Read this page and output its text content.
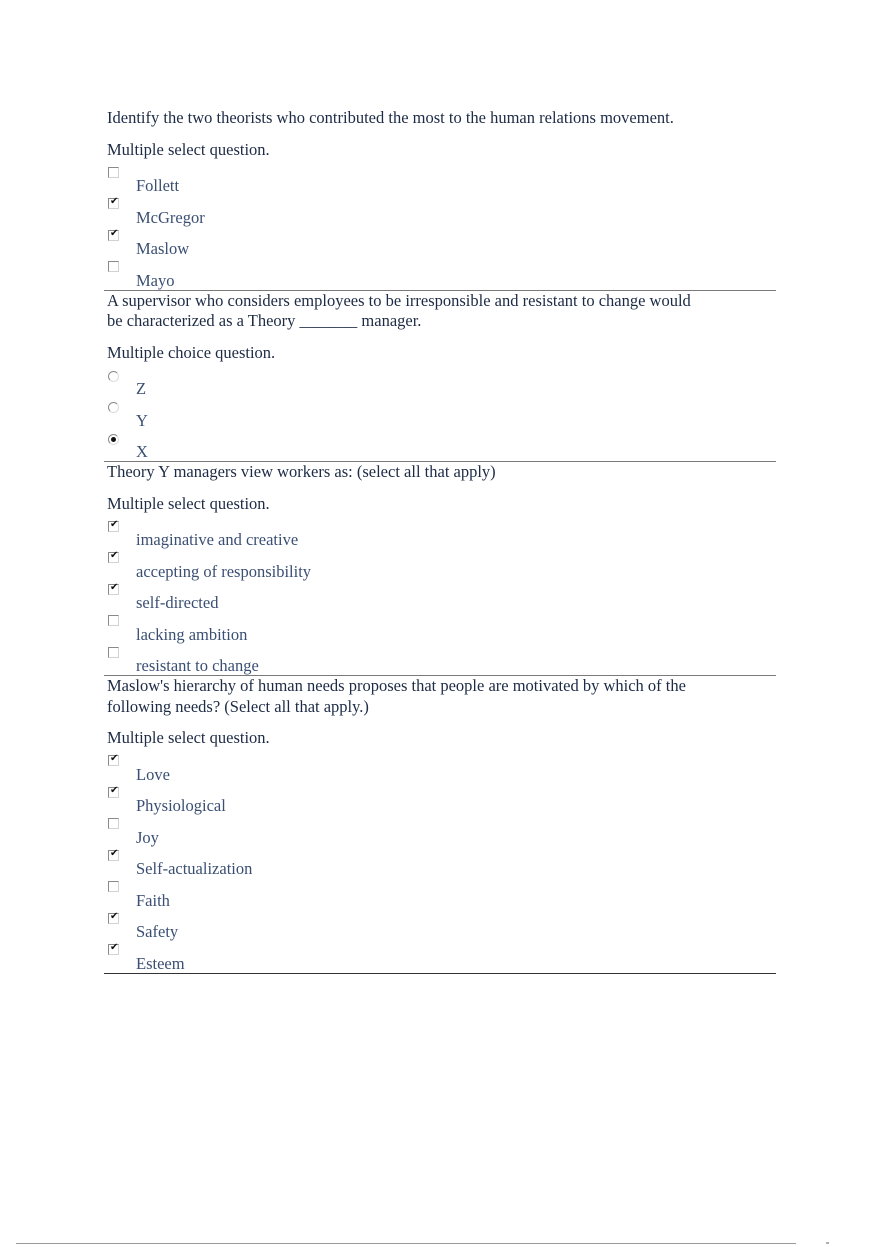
Identify the two theorists who contributed the most to the human relations movement.

Multiple select question.
Follett
✔
McGregor
✔
Maslow
Mayo

A supervisor who considers employees to be irresponsible and resistant to change would be characterized as a Theory _______ manager.

Multiple choice question.
Z
Y
X

Theory Y managers view workers as: (select all that apply)

Multiple select question.
✔
imaginative and creative
✔
accepting of responsibility
✔
self-directed
lacking ambition
resistant to change

Maslow's hierarchy of human needs proposes that people are motivated by which of the following needs? (Select all that apply.)

Multiple select question.
✔
Love
✔
Physiological
Joy
✔
Self-actualization
Faith
✔
Safety
✔
Esteem
